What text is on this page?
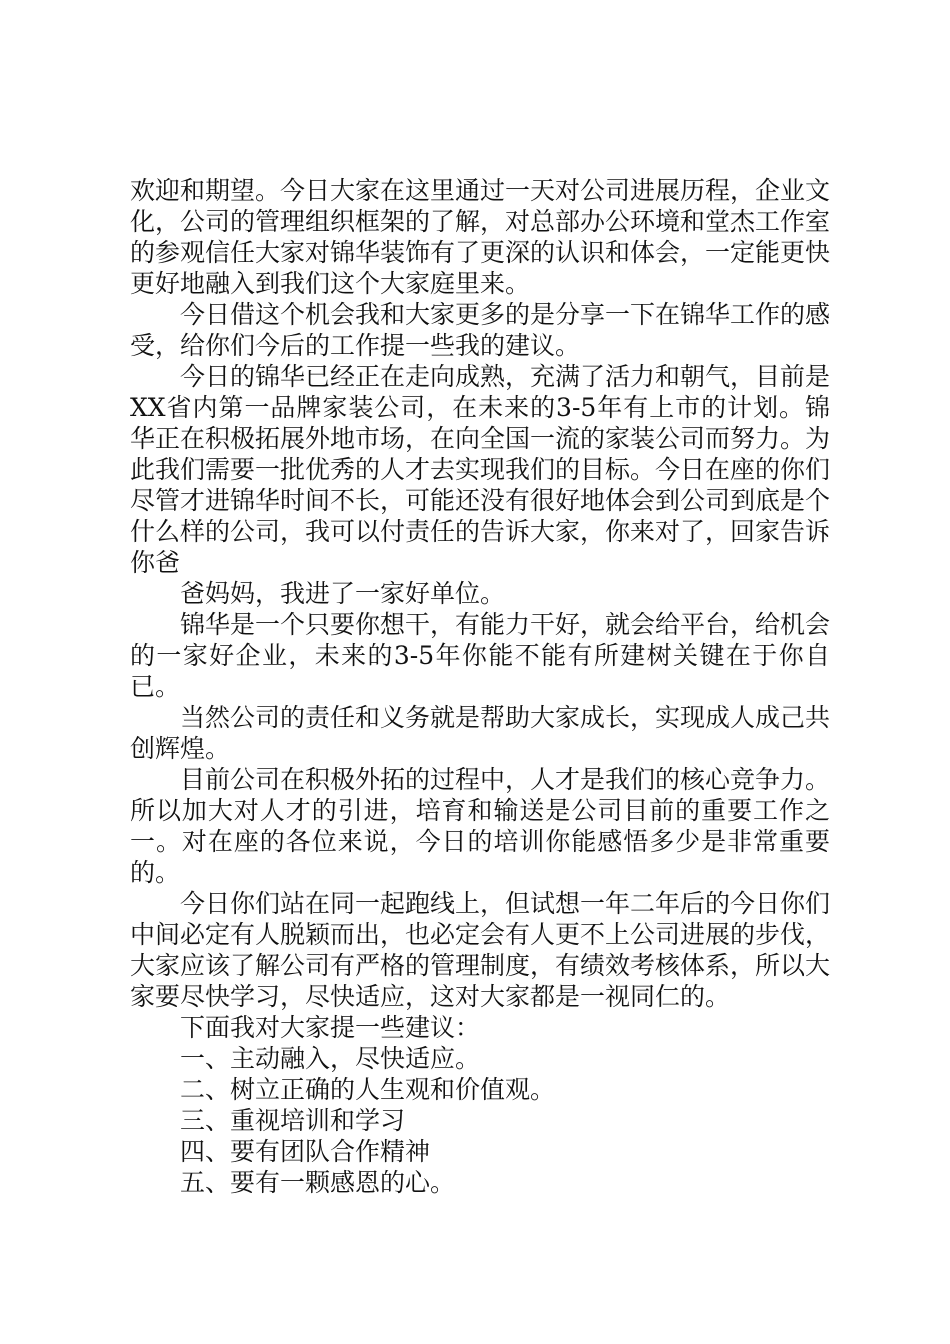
欢迎和期望。今日大家在这里通过一天对公司进展历程，企业文化，公司的管理组织框架的了解，对总部办公环境和堂杰工作室的参观信任大家对锦华装饰有了更深的认识和体会，一定能更快更好地融入到我们这个大家庭里来。

今日借这个机会我和大家更多的是分享一下在锦华工作的感受，给你们今后的工作提一些我的建议。

今日的锦华已经正在走向成熟，充满了活力和朝气，目前是XX省内第一品牌家装公司，在未来的3-5年有上市的计划。锦华正在积极拓展外地市场，在向全国一流的家装公司而努力。为此我们需要一批优秀的人才去实现我们的目标。今日在座的你们尽管才进锦华时间不长，可能还没有很好地体会到公司到底是个什么样的公司，我可以付责任的告诉大家，你来对了，回家告诉你爸

爸妈妈，我进了一家好单位。

锦华是一个只要你想干，有能力干好，就会给平台，给机会的一家好企业，未来的3-5年你能不能有所建树关键在于你自已。

当然公司的责任和义务就是帮助大家成长，实现成人成己共创辉煌。

目前公司在积极外拓的过程中，人才是我们的核心竞争力。所以加大对人才的引进，培育和输送是公司目前的重要工作之一。对在座的各位来说，今日的培训你能感悟多少是非常重要的。

今日你们站在同一起跑线上，但试想一年二年后的今日你们中间必定有人脱颖而出，也必定会有人更不上公司进展的步伐，大家应该了解公司有严格的管理制度，有绩效考核体系，所以大家要尽快学习，尽快适应，这对大家都是一视同仁的。

下面我对大家提一些建议：

一、主动融入，尽快适应。

二、树立正确的人生观和价值观。

三、重视培训和学习

四、要有团队合作精神

五、要有一颗感恩的心。
